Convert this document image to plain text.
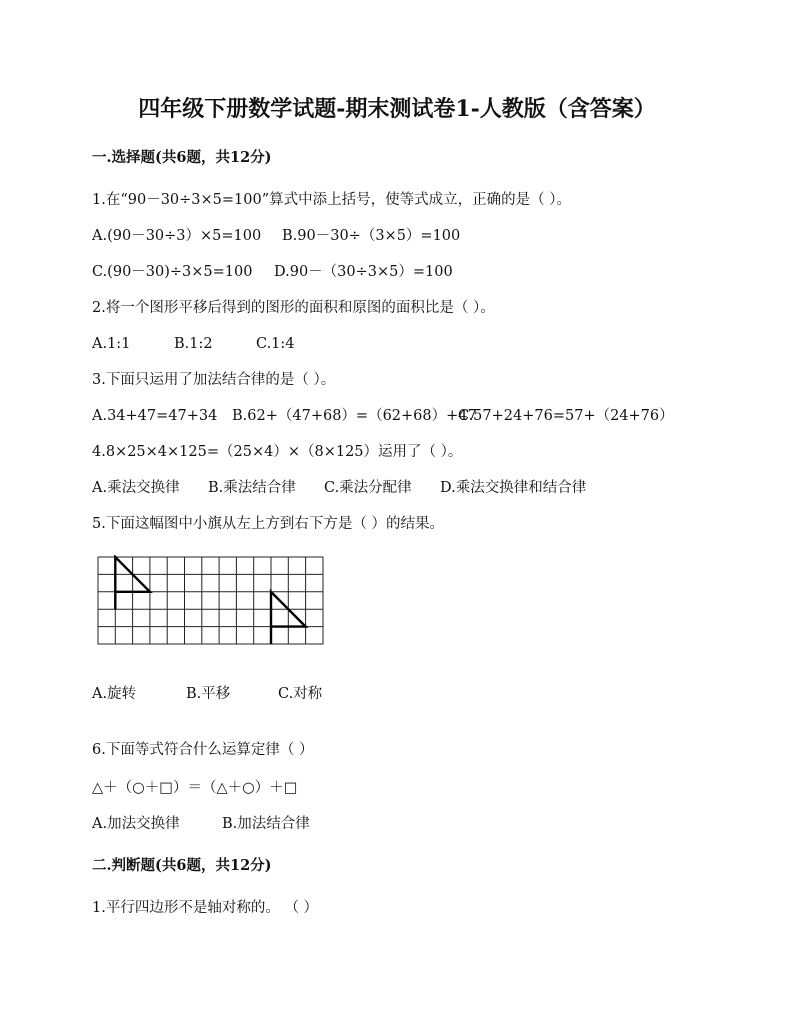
四年级下册数学试题-期末测试卷1-人教版（含答案）
一.选择题(共6题，共12分)
1.在“90－30÷3×5=100”算式中添上括号，使等式成立，正确的是（ ）。
A.(90－30÷3）×5=100 B.90－30÷（3×5）=100
C.(90－30)÷3×5=100 D.90－（30÷3×5）=100
2.将一个图形平移后得到的图形的面积和原图的面积比是（ ）。
A.1:1	B.1:2	C.1:4
3.下面只运用了加法结合律的是（ ）。
A.34+47=47+34 B.62+（47+68）=（62+68）+47C.57+24+76=57+（24+76）
4.8×25×4×125=（25×4）×（8×125）运用了（ ）。
A.乘法交换律 B.乘法结合律 C.乘法分配律 D.乘法交换律和结合律
5.下面这幅图中小旗从左上方到右下方是（ ）的结果。
A.旋转	B.平移	C.对称
6.下面等式符合什么运算定律（ ）
△＋（○＋□）＝（△＋○）＋□
A.加法交换律	B.加法结合律
二.判断题(共6题，共12分)
1.平行四边形不是轴对称的。 （ ）
